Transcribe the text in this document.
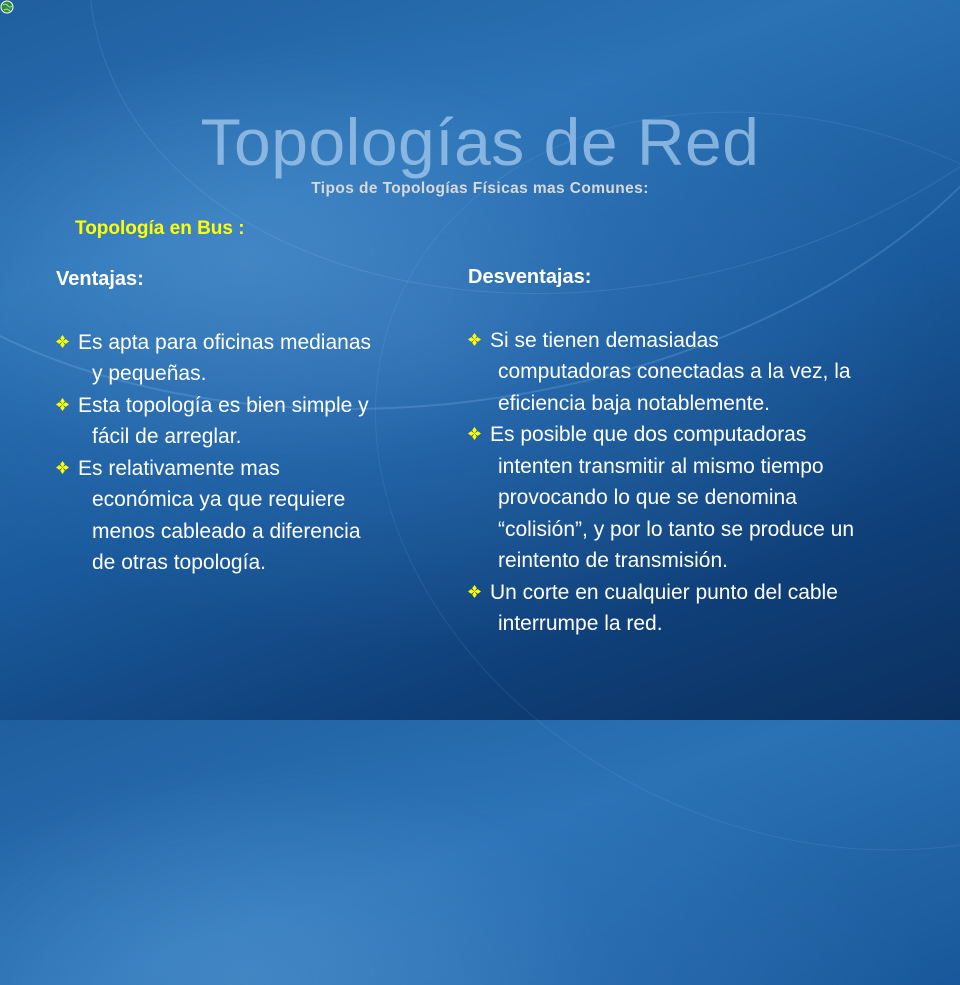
Topologías de Red
Tipos de Topologías Físicas mas Comunes:
Topología en Bus :
Ventajas:
Es apta para oficinas medianas
y pequeñas.
Esta topología es bien simple y
fácil de arreglar.
Es relativamente mas
económica ya que requiere
menos cableado a diferencia
de otras topología.
Desventajas:
Si se tienen demasiadas
computadoras conectadas a la vez, la
eficiencia baja notablemente.
Es posible que dos computadoras
intenten transmitir al mismo tiempo
provocando lo que se denomina
“colisión”, y por lo tanto se produce un
reintento de transmisión.
Un corte en cualquier punto del cable
interrumpe la red.
